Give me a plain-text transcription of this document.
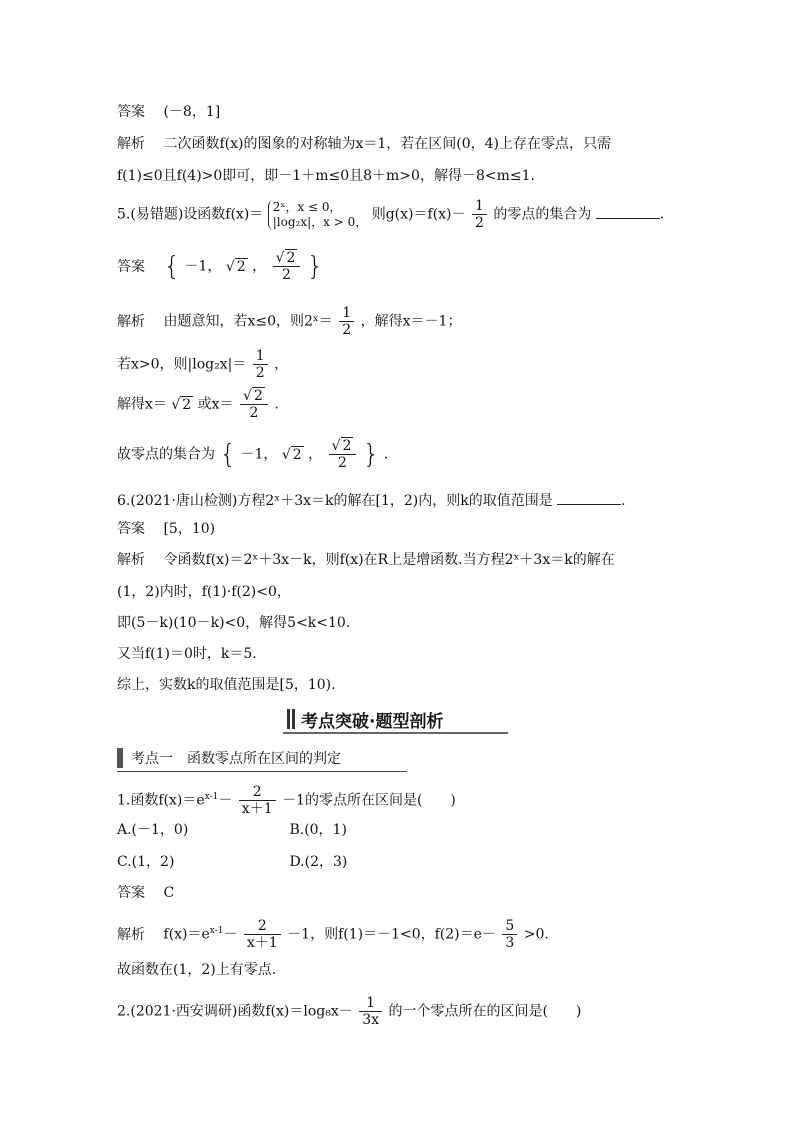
答案 (－8，1]
解析 二次函数f(x)的图象的对称轴为x＝1，若在区间(0，4)上存在零点，只需
f(1)≤0且f(4)>0即可，即－1＋m≤0且8＋m>0，解得－8<m≤1.
5.(易错题)设函数f(x)＝ 2ˣ，x ≤ 0，
|log₂x|，x > 0， 则$g(x)=f(x)- \frac{1}{2}$ 的零点的集合为	.
答案 { －1， √ 2 ， $\frac{√ 2}{2}$ }
解析 由题意知，若x≤0，则2ˣ＝ $\frac{1}{2}$ ，解得x＝－1；
若x>0，则$|\log_2x|= \frac{1}{2}$ ，
解得x＝ √ 2 或$x= \frac{√ 2}{2}$ .
故零点的集合为 { －1， √ 2 ， $\frac{√ 2}{2}$ } .
6.(2021·唐山检测)方程2ˣ＋3x＝k的解在[1，2)内，则k的取值范围是	.
答案 [5，10)
解析 令函数f(x)＝2ˣ＋3x－k，则f(x)在R上是增函数.当方程2ˣ＋3x＝k的解在
(1，2)内时，f(1)·f(2)<0，
即(5－k)(10－k)<0，解得5<k<10.
又当f(1)＝0时，k＝5.
综上，实数k的取值范围是[5，10).
考点突破·题型剖析
考点一　函数零点所在区间的判定
1.函数$f(x)=e^{x-1}- \frac{2}{x+1} -1$的零点所在区间是(　　)
A.(－1，0)	B.(0，1)
C.(1，2)	D.(2，3)
答案 C
解析 $f(x)=e^{x-1}- \frac{2}{x+1} -1$，则f(1)＝－1<0，$f(2)=e- \frac{5}{3} >0$.
故函数在(1，2)上有零点.
2.(2021·西安调研)函数$f(x)=\log_8x- \frac{1}{3x}$ 的一个零点所在的区间是(　　)
